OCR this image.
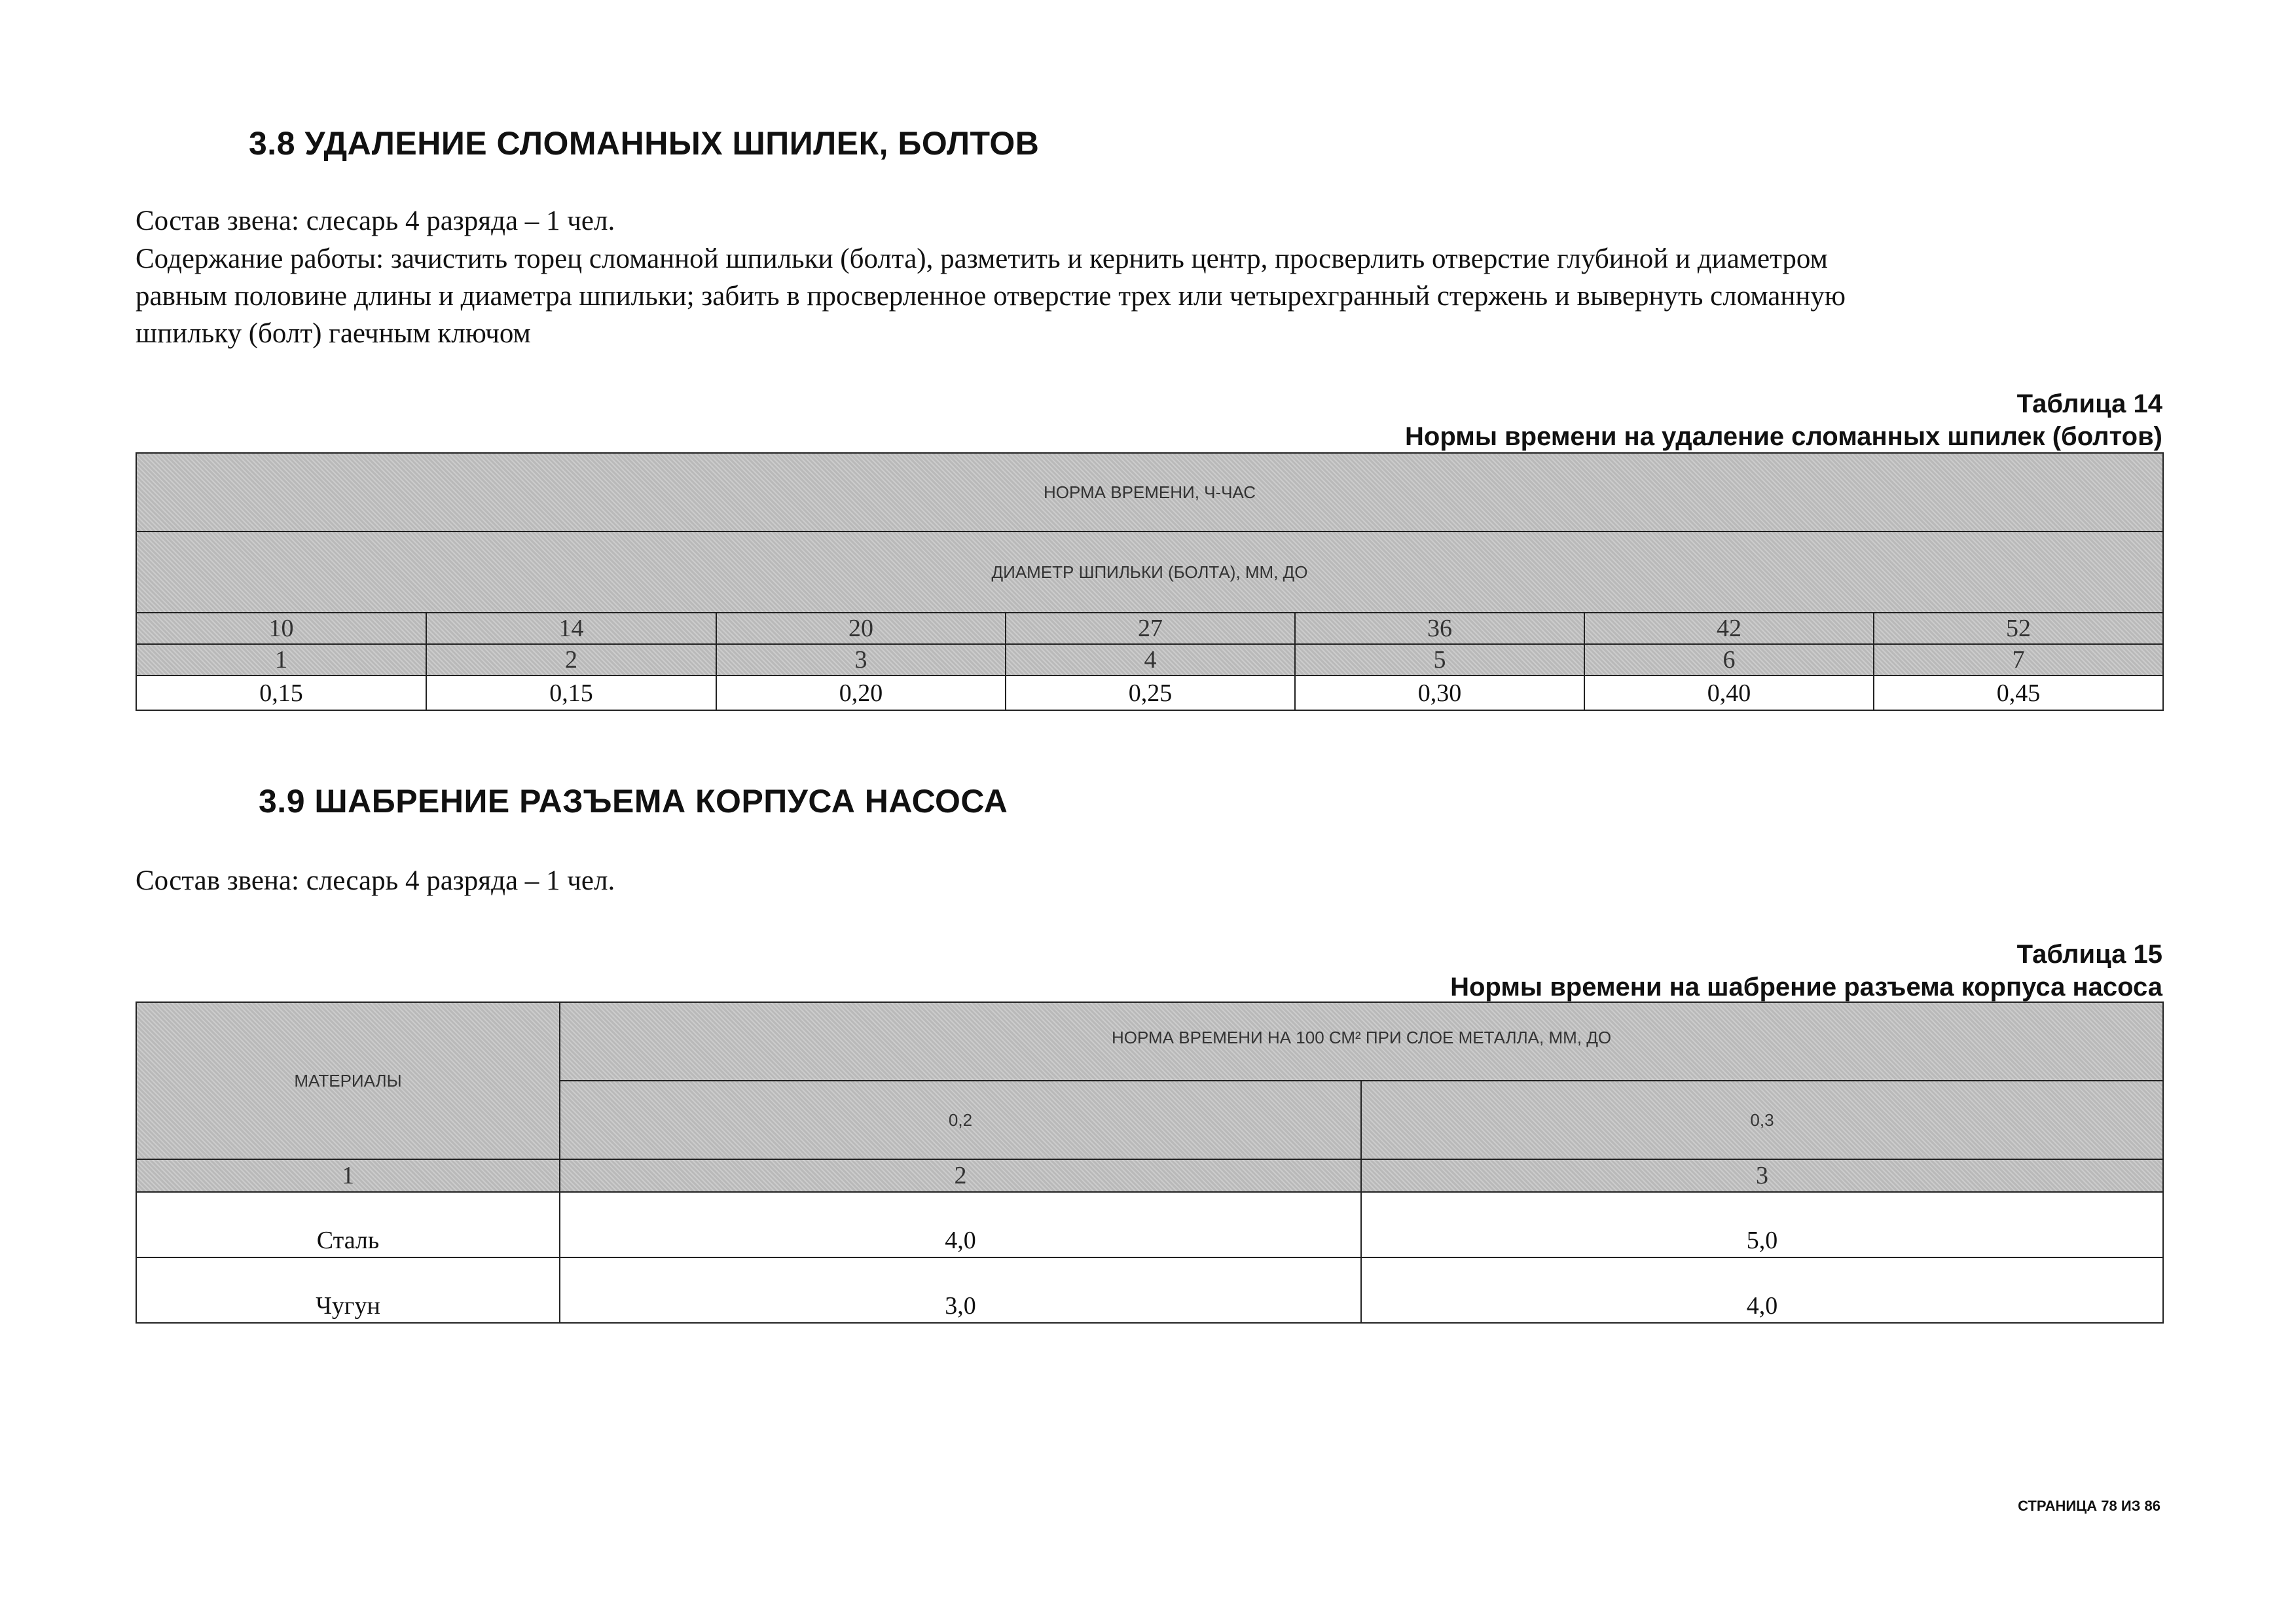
3.8 УДАЛЕНИЕ СЛОМАННЫХ ШПИЛЕК, БОЛТОВ

Состав звена: слесарь 4 разряда – 1 чел.

Содержание работы: зачистить торец сломанной шпильки (болта), разметить и кернить центр, просверлить отверстие глубиной и диаметром

равным половине длины и диаметра шпильки; забить в просверленное отверстие трех или четырехгранный стержень и вывернуть сломанную

шпильку (болт) гаечным ключом

Таблица 14
Нормы времени на удаление сломанных шпилек (болтов)
НОРМА ВРЕМЕНИ, Ч-ЧАС						
ДИАМЕТР ШПИЛЬКИ (БОЛТА), ММ, ДО						
10	14	20	27	36	42	52
1	2	3	4	5	6	7
0,15	0,15	0,20	0,25	0,30	0,40	0,45
3.9 ШАБРЕНИЕ РАЗЪЕМА КОРПУСА НАСОСА

Состав звена: слесарь 4 разряда – 1 чел.

Таблица 15
Нормы времени на шабрение разъема корпуса насоса
МАТЕРИАЛЫ	НОРМА ВРЕМЕНИ НА 100 СМ² ПРИ СЛОЕ МЕТАЛЛА, ММ, ДО	
	0,2	0,3
1	2	3
Сталь	4,0	5,0
Чугун	3,0	4,0
СТРАНИЦА 78 ИЗ 86
